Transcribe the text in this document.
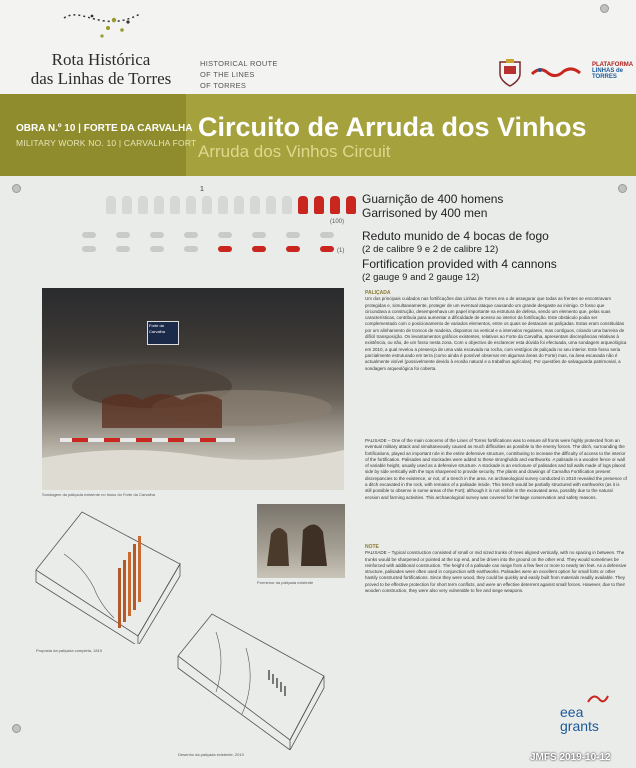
Rota Histórica
das Linhas de Torres
HISTORICAL ROUTE
OF THE LINES
OF TORRES
PLATAFORMA
LINHAS de TORRES
OBRA N.º 10 | FORTE DA CARVALHA
MILITARY WORK NO. 10 | CARVALHA FORT
Circuito de Arruda dos Vinhos
Arruda dos Vinhos Circuit
1
(100)
Guarnição de 400 homens
Garrisoned by 400 men
(1)
Reduto munido de 4 bocas de fogo
(2 de calibre 9 e 2 de calibre 12)
Fortification provided with 4 cannons
(2 gauge 9 and 2 gauge 12)
Forte da Carvalha
Sondagem da paliçada existente no fosso do Forte da Carvalha
PALIÇADA
Um dos principais cuidados nas fortificações das Linhas de Torres era o de assegurar que todas as frentes se encontravam protegidas e, simultaneamente, proteger de um eventual ataque causando um grande desgaste ao inimigo. O fosso que circundava a construção, desempenhava um papel importante na estrutura de defesa, sendo um elemento que, pelas suas características, contribuía para aumentar a dificuldade de acesso ao interior da fortificação. Este obstáculo podia ser complementado com o posicionamento de variados elementos, entre os quais se destacam as paliçadas. Estas eram constituídas por um alinhamento de troncos de madeira, dispostos na vertical e a intervalos regulares, mas contíguos, criando uma barreira de difícil transposição. Os levantamentos gráficos existentes, relativos ao Forte da Carvalha, apresentam discrepâncias relativas à existência, ou não, de um fosso nesta zona. Com o objectivo de esclarecer esta dúvida foi efectuada, uma sondagem arqueológica em 2010, a qual revelou a presença de uma vala escavada na rocha, com vestígios de paliçada no seu interior. Este fosso seria parcialmente estruturado em terra (como ainda é possível observar em algumas áreas do Forte) mas, na área escavada não é actualmente visível (possivelmente devido à erosão natural e a trabalhos agrícolas). Por questões de salvaguarda patrimonial, a sondagem arqueológica foi coberta.
PALISADE – One of the main concerns of the Lines of Torres fortifications was to ensure all fronts were highly protected from an eventual military attack and simultaneously caused as much difficulties as possible to the enemy forces. The ditch, surrounding the fortifications, played an important role in the entire defensive structure, contributing to increase the difficulty of access to the interior of the fortification. Palisades and stockades were added to these strongholds and earthworks. A palisade is a wooden fence or wall of variable height, usually used as a defensive structure. A stockade is an enclosure of palisades and tall walls made of logs placed side by side vertically with the tops sharpened to provide security. The plants and drawings of Carvalha Fortification present discrepancies to the existence, or not, of a trench in the area. An archaeological survey conducted in 2010 revealed the presence of a ditch excavated in the rock, with remains of a palisade inside. This trench would be partially structured with earthworks (as it is still possible to observe in some areas of the Fort); although it is not visible in the excavated area, possibly due to the natural erosion and farming activities. This archaeological survey was covered for heritage conservation and safety reasons.
NOTE
PALISADE – Typical construction consisted of small or mid sized trunks of trees aligned vertically, with no spacing in between. The trunks would be sharpened or pointed at the top end, and be driven into the ground on the other end. They would sometimes be reinforced with additional construction. The height of a palisade can range from a few feet or more to nearly ten feet. As a defensive structure, palisades were often used in conjunction with earthworks. Palisades were an excellent option for small forts or other hastily constructed fortifications. Since they were wood, they could be quickly and easily built from materials readily available. They proved to be effective protection for short term conflicts, and were an effective deterrent against small forces. However, due to their wooden construction, they were also very vulnerable to fire and siege weapons.
Pormenor da paliçada existente
Proposta da paliçada completa, 1810
Desenho da paliçada existente, 2010
eea
grants
JMFS 2019-10-12
